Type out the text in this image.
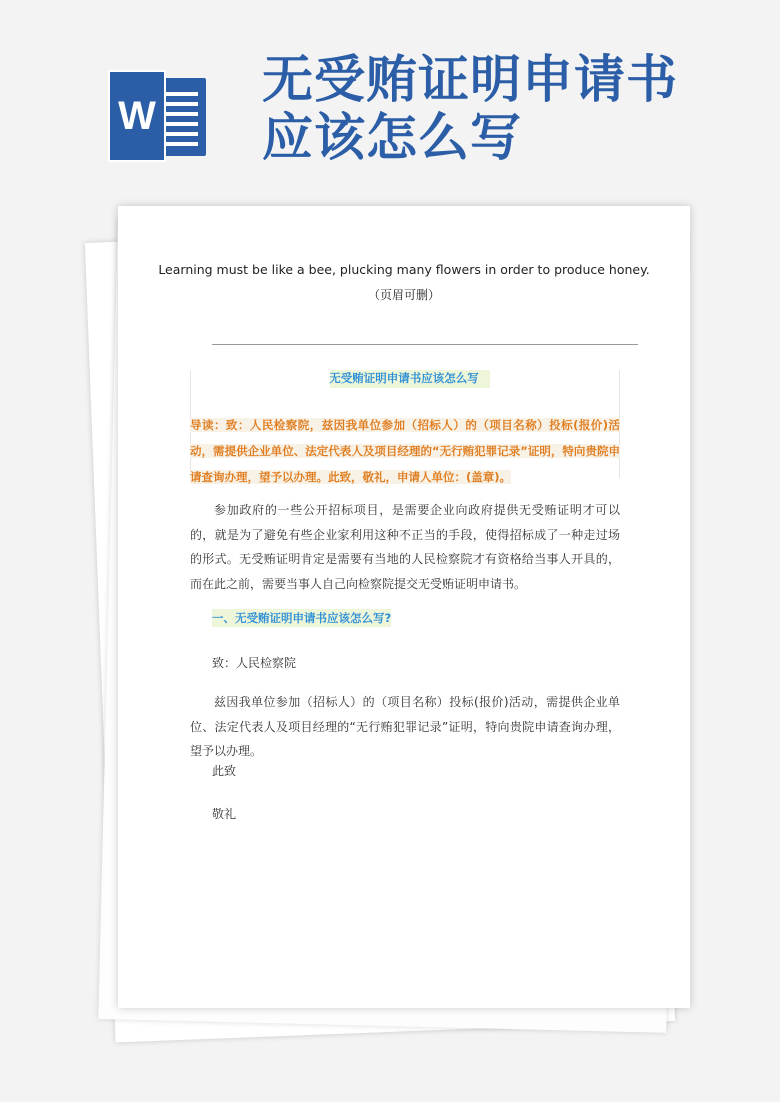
W
无受贿证明申请书
应该怎么写
Learning must be like a bee, plucking many flowers in order to produce honey.
（页眉可删）
无受贿证明申请书应该怎么写
导读：致：人民检察院，兹因我单位参加（招标人）的（项目名称）投标(报价)活动，需提供企业单位、法定代表人及项目经理的“无行贿犯罪记录”证明，特向贵院申请查询办理，望予以办理。此致，敬礼，申请人单位：(盖章)。
参加政府的一些公开招标项目，是需要企业向政府提供无受贿证明才可以的，就是为了避免有些企业家利用这种不正当的手段，使得招标成了一种走过场的形式。无受贿证明肯定是需要有当地的人民检察院才有资格给当事人开具的，而在此之前，需要当事人自己向检察院提交无受贿证明申请书。
一、无受贿证明申请书应该怎么写?
致：人民检察院
兹因我单位参加（招标人）的（项目名称）投标(报价)活动，需提供企业单位、法定代表人及项目经理的“无行贿犯罪记录”证明，特向贵院申请查询办理，望予以办理。
此致
敬礼
